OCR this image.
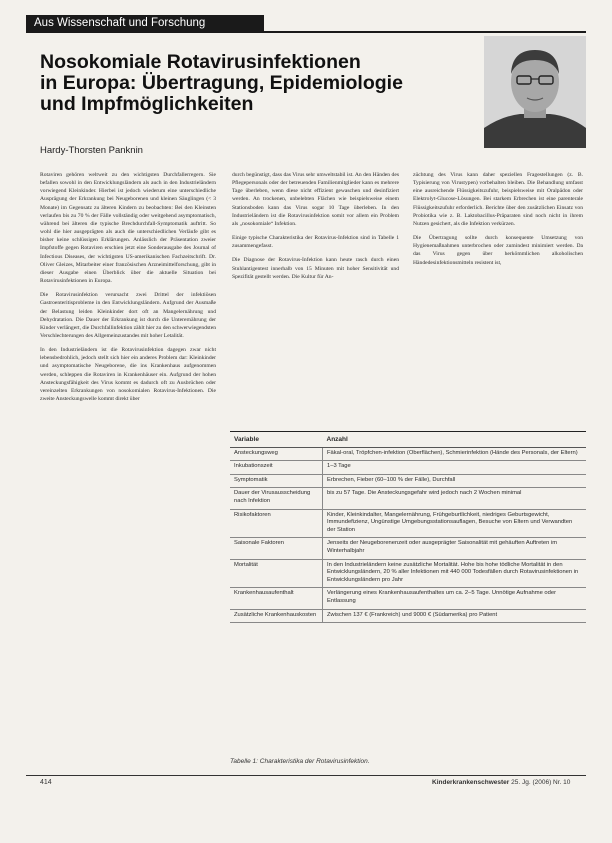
Aus Wissenschaft und Forschung
Nosokomiale Rotavirusinfektionen
in Europa: Übertragung, Epidemiologie
und Impfmöglichkeiten
Hardy-Thorsten Panknin

Rotaviren gehören weltweit zu den wichtigsten Durchfallerregern. Sie befallen sowohl in den Entwicklungsländern als auch in den Industrieländern vorwiegend Kleinkinder. Hierbei ist jedoch wiederum eine unterschiedliche Ausprägung der Erkrankung bei Neugeborenen und kleinen Säuglingen (< 3 Monate) im Gegensatz zu älteren Kindern zu beobachten: Bei den Kleinsten verlaufen bis zu 70 % der Fälle vollständig oder weitgehend asymptomatisch, während bei älteren die typische Brechdurchfall-Symptomatik auftritt. So wohl die hier ausgeprägten als auch die unterschiedlichen Verläufe gibt es bisher keine schlüssigen Erklärungen. Anlässlich der Präsentation zweier Impfstoffe gegen Rotaviren erschien jetzt eine Sonderausgabe des Journal of Infectious Diseases, der wichtigsten US-amerikanischen Fachzeitschrift. Dr. Oliver Gleizes, Mitarbeiter einer französischen Arzneimittelforschung, gibt in dieser Ausgabe einen Überblick über die aktuelle Situation bei Rotavirusinfektionen in Europa.

Die Rotavirusinfektion verursacht zwei Drittel der infektiösen Gastroenteritisprobleme in den Entwicklungsländern. Aufgrund der Ausmaße der Belastung leiden Kleinkinder dort oft an Mangelernährung und Dehydratation. Die Dauer der Erkrankung ist durch die Unterernährung der Kinder verlängert, die Durchfallinfektion zählt hier zu den schwerwiegendsten Verschlechterungen des Allgemeinzustandes mit hoher Letalität.

In den Industrieländern ist die Rotavirusinfektion dagegen zwar nicht lebensbedrohlich, jedoch stellt sich hier ein anderes Problem dar: Kleinkinder und asymptomatische Neugeborene, die ins Krankenhaus aufgenommen werden, schleppen die Rotaviren in Krankenhäuser ein. Aufgrund der hohen Ansteckungsfähigkeit des Virus kommt es dadurch oft zu Ausbrüchen oder vereinzelten Erkrankungen von nosokomialen Rotavirus-Infektionen. Die zweite Ansteckungswelle kommt direkt über

durch begünstigt, dass das Virus sehr umweltstabil ist. An den Händen des Pflegepersonals oder der betreuenden Familienmitglieder kann es mehrere Tage überleben, wenn diese nicht effizient gewaschen und desinfiziert werden. An trockenen, unbelebten Flächen wie beispielsweise einem Stationsboden kann das Virus sogar 10 Tage überleben. In den Industrieländern ist die Rotavirusinfektion somit vor allem ein Problem als „nosokomiale“ Infektion.

Einige typische Charakteristika der Rotavirus-Infektion sind in Tabelle 1 zusammengefasst.

Die Diagnose der Rotavirus-Infektion kann heute rasch durch einen Stuhlantigentest innerhalb von 15 Minuten mit hoher Sensitivität und Spezifität gestellt werden. Die Kultur für An-

züchtung des Virus kann daher speziellen Fragestellungen (z. B. Typisierung von Virustypen) vorbehalten bleiben. Die Behandlung umfasst eine ausreichende Flüssigkeitszufuhr, beispielsweise mit Oralpädon oder Elektrolyt-Glucose-Lösungen. Bei starkem Erbrechen ist eine parenterale Flüssigkeitszufuhr erforderlich. Berichte über den zusätzlichen Einsatz von Probiotika wie z. B. Laktobacillus-Präparaten sind noch nicht in ihrem Nutzen gesichert, als die Infektion verkürzen.

Die Übertragung sollte durch konsequente Umsetzung von Hygienemaßnahmen unterbrochen oder zumindest minimiert werden. Da das Virus gegen über herkömmlichen alkoholischen Händedesinfektionsmitteln resistent ist,

Variable	Anzahl
Ansteckungsweg	Fäkal-oral, Tröpfchen-infektion (Oberflächen), Schmierinfektion (Hände des Personals, der Eltern)
Inkubationszeit	1–3 Tage
Symptomatik	Erbrechen, Fieber (60–100 % der Fälle), Durchfall
Dauer der Virusausscheidung nach Infektion	bis zu 57 Tage. Die Ansteckungsgefahr wird jedoch nach 2 Wochen minimal
Risikofaktoren	Kinder, Kleinkindalter, Mangelernährung, Frühgeburtlichkeit, niedriges Geburtsgewicht, Immundefizienz, Ungünstige Umgebungsstationsauflagen, Besuche von Eltern und Verwandten der Station
Saisonale Faktoren	Jenseits der Neugeborenenzeit oder ausgeprägter Saisonalität mit gehäuften Auftreten im Winterhalbjahr
Mortalität	In den Industrieländern keine zusätzliche Mortalität. Hohe bis hohe tödliche Mortalität in den Entwicklungsländern, 20 % aller Infektionen mit 440 000 Todesfällen durch Rotavirusinfektionen in Entwicklungsländern pro Jahr
Krankenhausaufenthalt	Verlängerung eines Krankenhausaufenthaltes um ca. 2–5 Tage. Unnötige Aufnahme oder Entlassung
Zusätzliche Krankenhauskosten	Zwischen 137 € (Frankreich) und 9000 € (Südamerika) pro Patient
Tabelle 1: Charakteristika der Rotavirusinfektion.
414	Kinderkrankenschwester 25. Jg. (2006) Nr. 10
